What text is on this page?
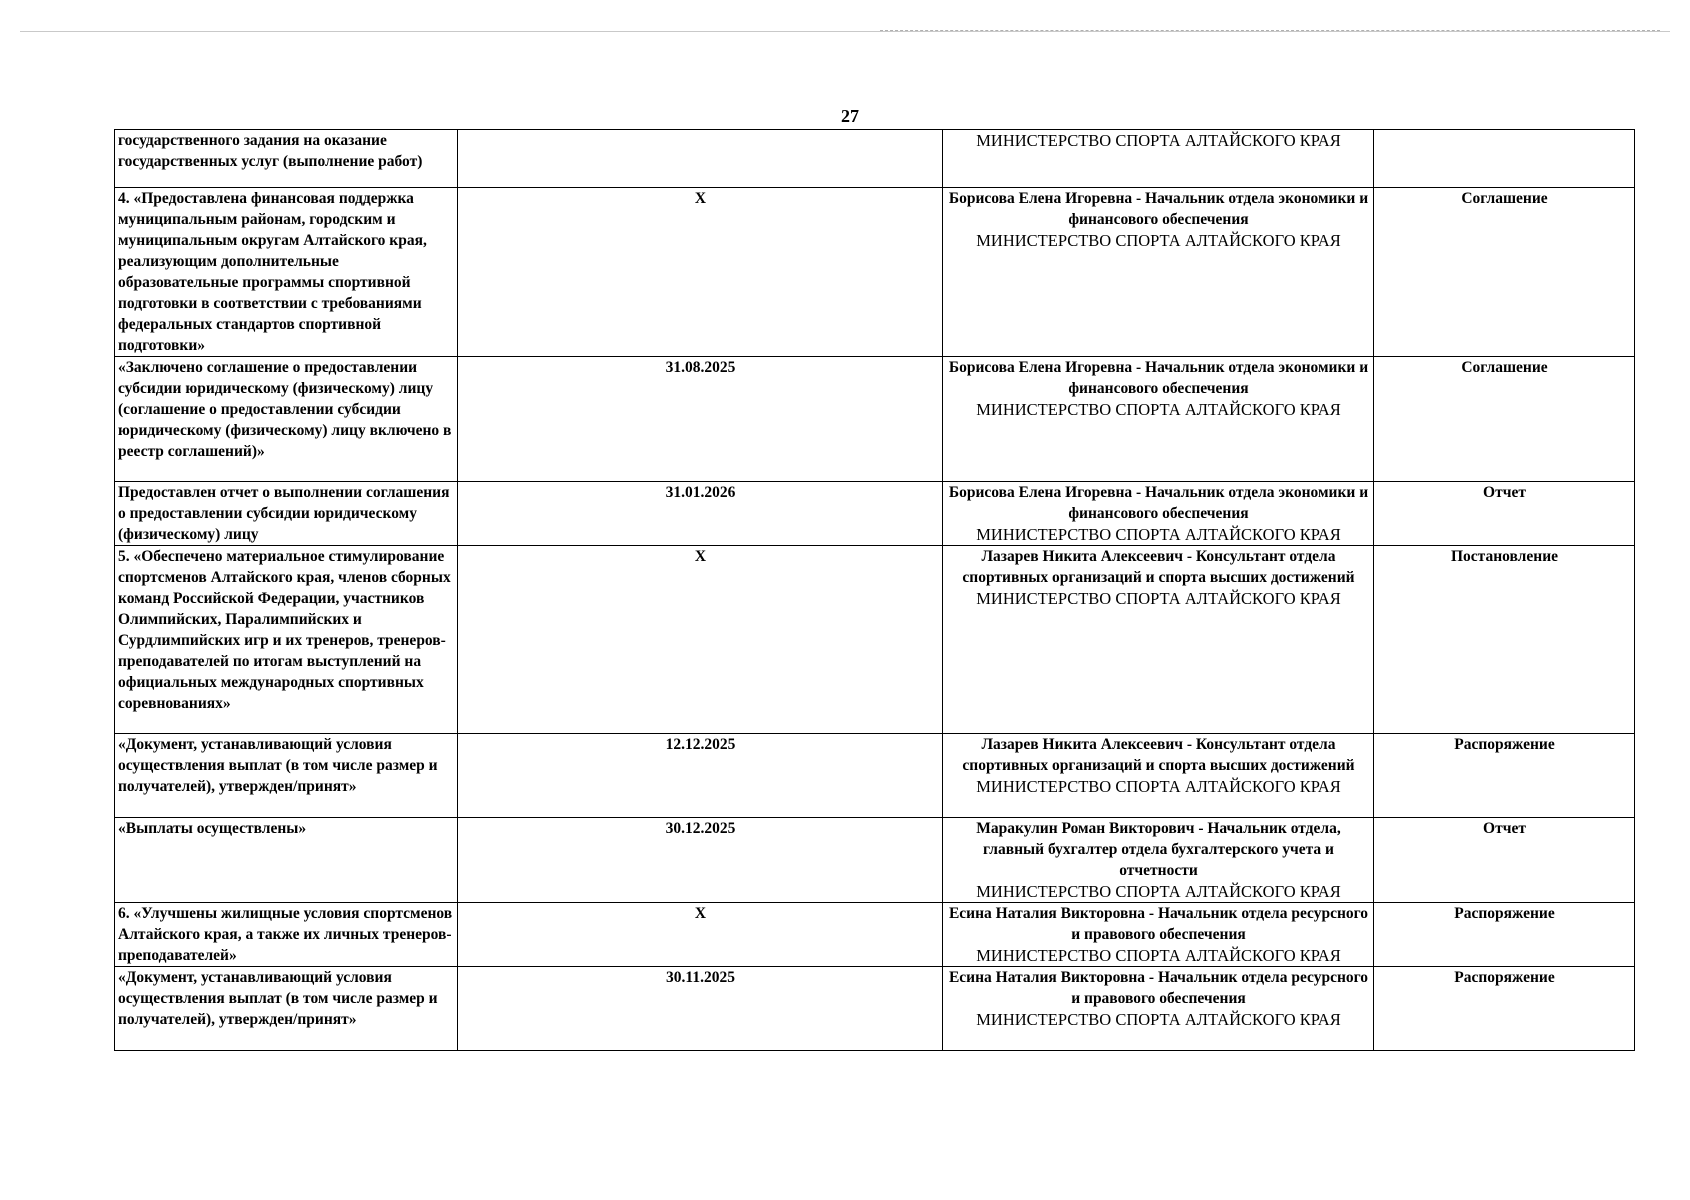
27
государственного задания на оказание государственных услуг (выполнение работ)		МИНИСТЕРСТВО СПОРТА АЛТАЙСКОГО КРАЯ	

4. «Предоставлена финансовая поддержка муниципальным районам, городским и муниципальным округам Алтайского края, реализующим дополнительные образовательные программы спортивной подготовки в соответствии с требованиями федеральных стандартов спортивной подготовки»	X	Борисова Елена Игоревна - Начальник отдела экономики и финансового обеспечения
МИНИСТЕРСТВО СПОРТА АЛТАЙСКОГО КРАЯ	Соглашение
«Заключено соглашение о предоставлении субсидии юридическому (физическому) лицу (соглашение о предоставлении субсидии юридическому (физическому) лицу включено в реестр соглашений)»	31.08.2025	Борисова Елена Игоревна - Начальник отдела экономики и финансового обеспечения
МИНИСТЕРСТВО СПОРТА АЛТАЙСКОГО КРАЯ	Соглашение
Предоставлен отчет о выполнении соглашения о предоставлении субсидии юридическому (физическому) лицу	31.01.2026	Борисова Елена Игоревна - Начальник отдела экономики и финансового обеспечения
МИНИСТЕРСТВО СПОРТА АЛТАЙСКОГО КРАЯ	Отчет
5. «Обеспечено материальное стимулирование спортсменов Алтайского края, членов сборных команд Российской Федерации, участников Олимпийских, Паралимпийских и Сурдлимпийских игр и их тренеров, тренеров-преподавателей по итогам выступлений на официальных международных спортивных соревнованиях»	X	Лазарев Никита Алексеевич - Консультант отдела спортивных организаций и спорта высших достижений
МИНИСТЕРСТВО СПОРТА АЛТАЙСКОГО КРАЯ	Постановление
«Документ, устанавливающий условия осуществления выплат (в том числе размер и получателей), утвержден/принят»	12.12.2025	Лазарев Никита Алексеевич - Консультант отдела спортивных организаций и спорта высших достижений
МИНИСТЕРСТВО СПОРТА АЛТАЙСКОГО КРАЯ	Распоряжение
«Выплаты осуществлены»	30.12.2025	Маракулин Роман Викторович - Начальник отдела, главный бухгалтер отдела бухгалтерского учета и отчетности
МИНИСТЕРСТВО СПОРТА АЛТАЙСКОГО КРАЯ	Отчет
6. «Улучшены жилищные условия спортсменов Алтайского края, а также их личных тренеров-преподавателей»	X	Есина Наталия Викторовна - Начальник отдела ресурсного и правового обеспечения
МИНИСТЕРСТВО СПОРТА АЛТАЙСКОГО КРАЯ	Распоряжение
«Документ, устанавливающий условия осуществления выплат (в том числе размер и получателей), утвержден/принят»	30.11.2025	Есина Наталия Викторовна - Начальник отдела ресурсного и правового обеспечения
МИНИСТЕРСТВО СПОРТА АЛТАЙСКОГО КРАЯ	Распоряжение
